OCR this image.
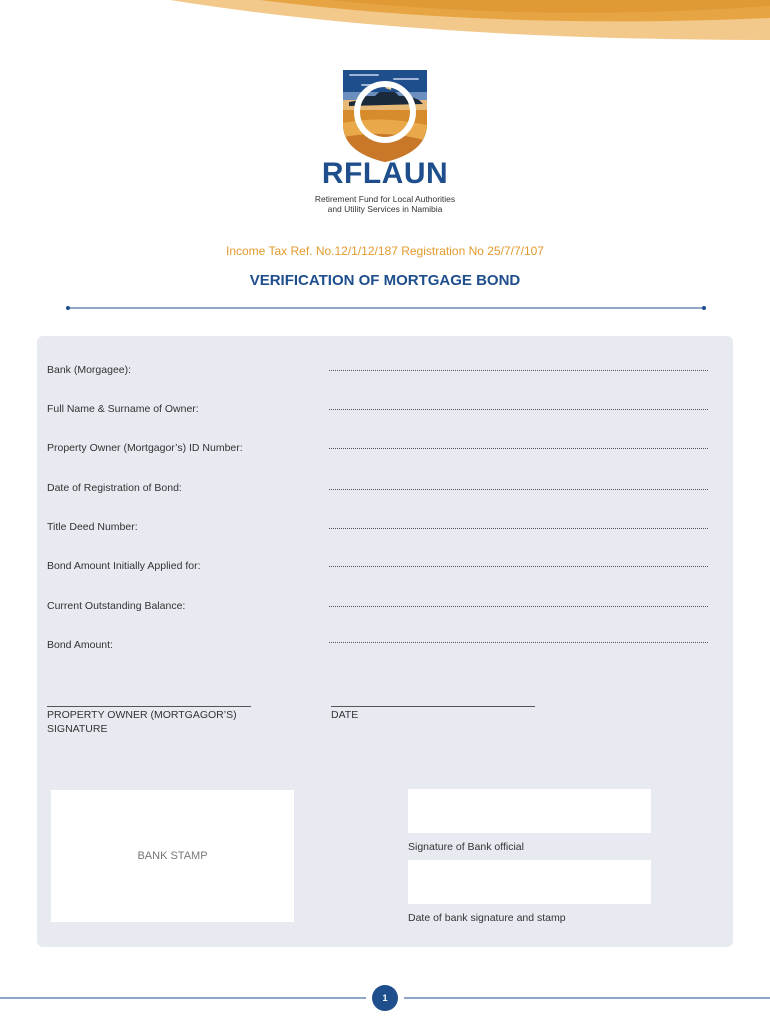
RFLAUN
Retirement Fund for Local Authorities
and Utility Services in Namibia
Income Tax Ref. No.12/1/12/187 Registration No 25/7/7/107
VERIFICATION OF MORTGAGE BOND
Bank (Morgagee):
Full Name & Surname of Owner:
Property Owner (Mortgagor’s) ID Number:
Date of Registration of Bond:
Title Deed Number:
Bond Amount Initially Applied for:
Current Outstanding Balance:
Bond Amount:
PROPERTY OWNER (MORTGAGOR’S)
SIGNATURE
DATE
BANK STAMP
Signature of Bank official
Date of bank signature and stamp
1
